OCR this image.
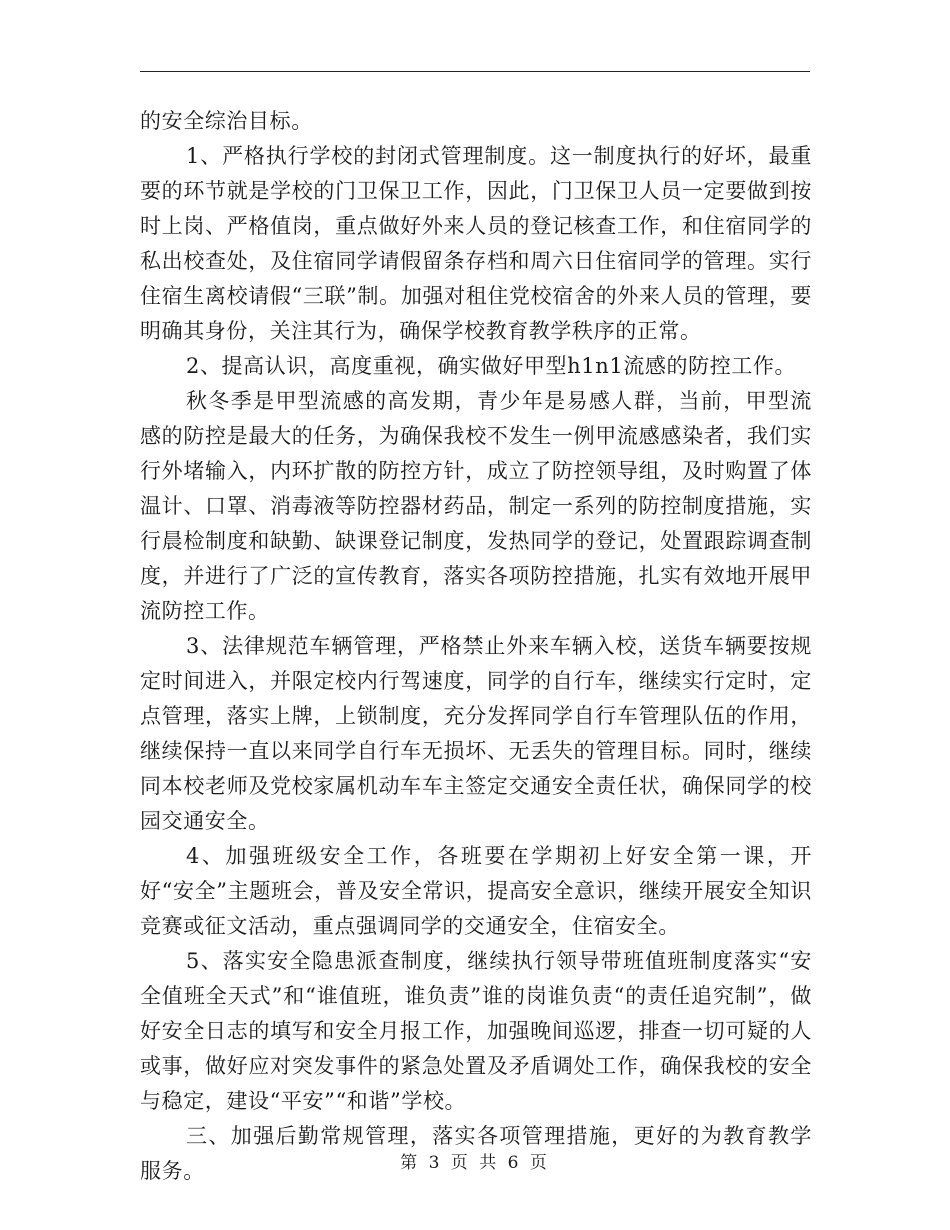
的安全综治目标。

1、严格执行学校的封闭式管理制度。这一制度执行的好坏，最重要的环节就是学校的门卫保卫工作，因此，门卫保卫人员一定要做到按时上岗、严格值岗，重点做好外来人员的登记核查工作，和住宿同学的私出校查处，及住宿同学请假留条存档和周六日住宿同学的管理。实行住宿生离校请假“三联”制。加强对租住党校宿舍的外来人员的管理，要明确其身份，关注其行为，确保学校教育教学秩序的正常。

2、提高认识，高度重视，确实做好甲型h1n1流感的防控工作。

秋冬季是甲型流感的高发期，青少年是易感人群，当前，甲型流感的防控是最大的任务，为确保我校不发生一例甲流感感染者，我们实行外堵输入，内环扩散的防控方针，成立了防控领导组，及时购置了体温计、口罩、消毒液等防控器材药品，制定一系列的防控制度措施，实行晨检制度和缺勤、缺课登记制度，发热同学的登记，处置跟踪调查制度，并进行了广泛的宣传教育，落实各项防控措施，扎实有效地开展甲流防控工作。

3、法律规范车辆管理，严格禁止外来车辆入校，送货车辆要按规定时间进入，并限定校内行驾速度，同学的自行车，继续实行定时，定点管理，落实上牌，上锁制度，充分发挥同学自行车管理队伍的作用，继续保持一直以来同学自行车无损坏、无丢失的管理目标。同时，继续同本校老师及党校家属机动车车主签定交通安全责任状，确保同学的校园交通安全。

4、加强班级安全工作，各班要在学期初上好安全第一课，开好“安全”主题班会，普及安全常识，提高安全意识，继续开展安全知识竞赛或征文活动，重点强调同学的交通安全，住宿安全。

5、落实安全隐患派查制度，继续执行领导带班值班制度落实“安全值班全天式”和“谁值班，谁负责”谁的岗谁负责“的责任追究制”，做好安全日志的填写和安全月报工作，加强晚间巡逻，排查一切可疑的人或事，做好应对突发事件的紧急处置及矛盾调处工作，确保我校的安全与稳定，建设“平安”“和谐”学校。

三、加强后勤常规管理，落实各项管理措施，更好的为教育教学服务。	第 3 页 共 6 页
